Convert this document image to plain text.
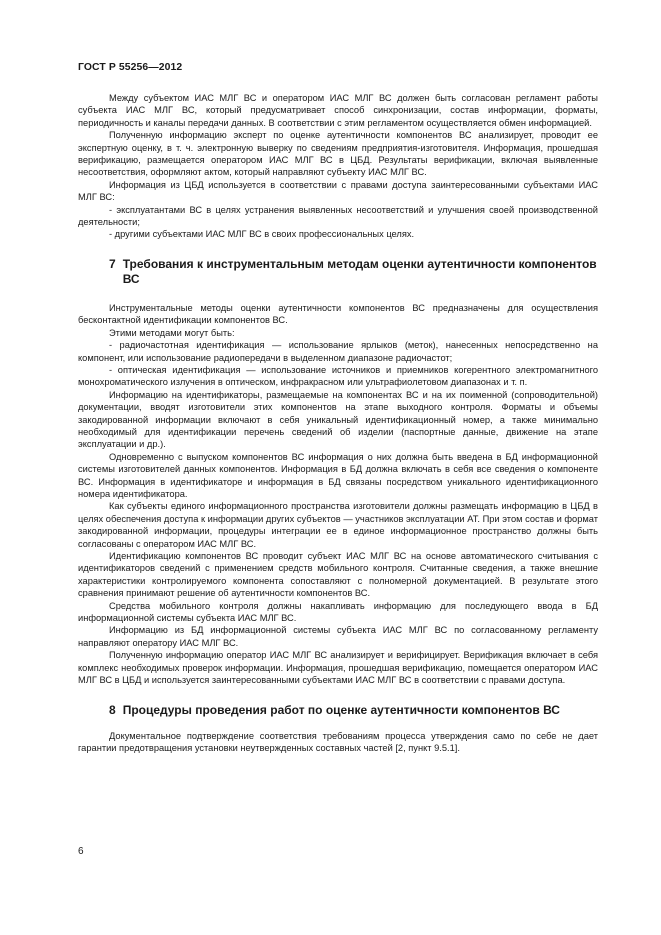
ГОСТ Р 55256—2012

Между субъектом ИАС МЛГ ВС и оператором ИАС МЛГ ВС должен быть согласован регламент работы субъекта ИАС МЛГ ВС, который предусматривает способ синхронизации, состав информации, форматы, периодичность и каналы передачи данных. В соответствии с этим регламентом осуществляется обмен информацией.

Полученную информацию эксперт по оценке аутентичности компонентов ВС анализирует, проводит ее экспертную оценку, в т. ч. электронную выверку по сведениям предприятия-изготовителя. Информация, прошедшая верификацию, размещается оператором ИАС МЛГ ВС в ЦБД. Результаты верификации, включая выявленные несоответствия, оформляют актом, который направляют субъекту ИАС МЛГ ВС.

Информация из ЦБД используется в соответствии с правами доступа заинтересованными субъектами ИАС МЛГ ВС:

- эксплуатантами ВС в целях устранения выявленных несоответствий и улучшения своей производственной деятельности;

- другими субъектами ИАС МЛГ ВС в своих профессиональных целях.

7 Требования к инструментальным методам оценки аутентичности компонентов ВС

Инструментальные методы оценки аутентичности компонентов ВС предназначены для осуществления бесконтактной идентификации компонентов ВС.

Этими методами могут быть:

- радиочастотная идентификация — использование ярлыков (меток), нанесенных непосредственно на компонент, или использование радиопередачи в выделенном диапазоне радиочастот;

- оптическая идентификация — использование источников и приемников когерентного электромагнитного монохроматического излучения в оптическом, инфракрасном или ультрафиолетовом диапазонах и т. п.

Информацию на идентификаторы, размещаемые на компонентах ВС и на их поименной (сопроводительной) документации, вводят изготовители этих компонентов на этапе выходного контроля. Форматы и объемы закодированной информации включают в себя уникальный идентификационный номер, а также минимально необходимый для идентификации перечень сведений об изделии (паспортные данные, движение на этапе эксплуатации и др.).

Одновременно с выпуском компонентов ВС информация о них должна быть введена в БД информационной системы изготовителей данных компонентов. Информация в БД должна включать в себя все сведения о компоненте ВС. Информация в идентификаторе и информация в БД связаны посредством уникального идентификационного номера идентификатора.

Как субъекты единого информационного пространства изготовители должны размещать информацию в ЦБД в целях обеспечения доступа к информации других субъектов — участников эксплуатации АТ. При этом состав и формат закодированной информации, процедуры интеграции ее в единое информационное пространство должны быть согласованы с оператором ИАС МЛГ ВС.

Идентификацию компонентов ВС проводит субъект ИАС МЛГ ВС на основе автоматического считывания с идентификаторов сведений с применением средств мобильного контроля. Считанные сведения, а также внешние характеристики контролируемого компонента сопоставляют с полномерной документацией. В результате этого сравнения принимают решение об аутентичности компонентов ВС.

Средства мобильного контроля должны накапливать информацию для последующего ввода в БД информационной системы субъекта ИАС МЛГ ВС.

Информацию из БД информационной системы субъекта ИАС МЛГ ВС по согласованному регламенту направляют оператору ИАС МЛГ ВС.

Полученную информацию оператор ИАС МЛГ ВС анализирует и верифицирует. Верификация включает в себя комплекс необходимых проверок информации. Информация, прошедшая верификацию, помещается оператором ИАС МЛГ ВС в ЦБД и используется заинтересованными субъектами ИАС МЛГ ВС в соответствии с правами доступа.

8 Процедуры проведения работ по оценке аутентичности компонентов ВС

Документальное подтверждение соответствия требованиям процесса утверждения само по себе не дает гарантии предотвращения установки неутвержденных составных частей [2, пункт 9.5.1].

6
